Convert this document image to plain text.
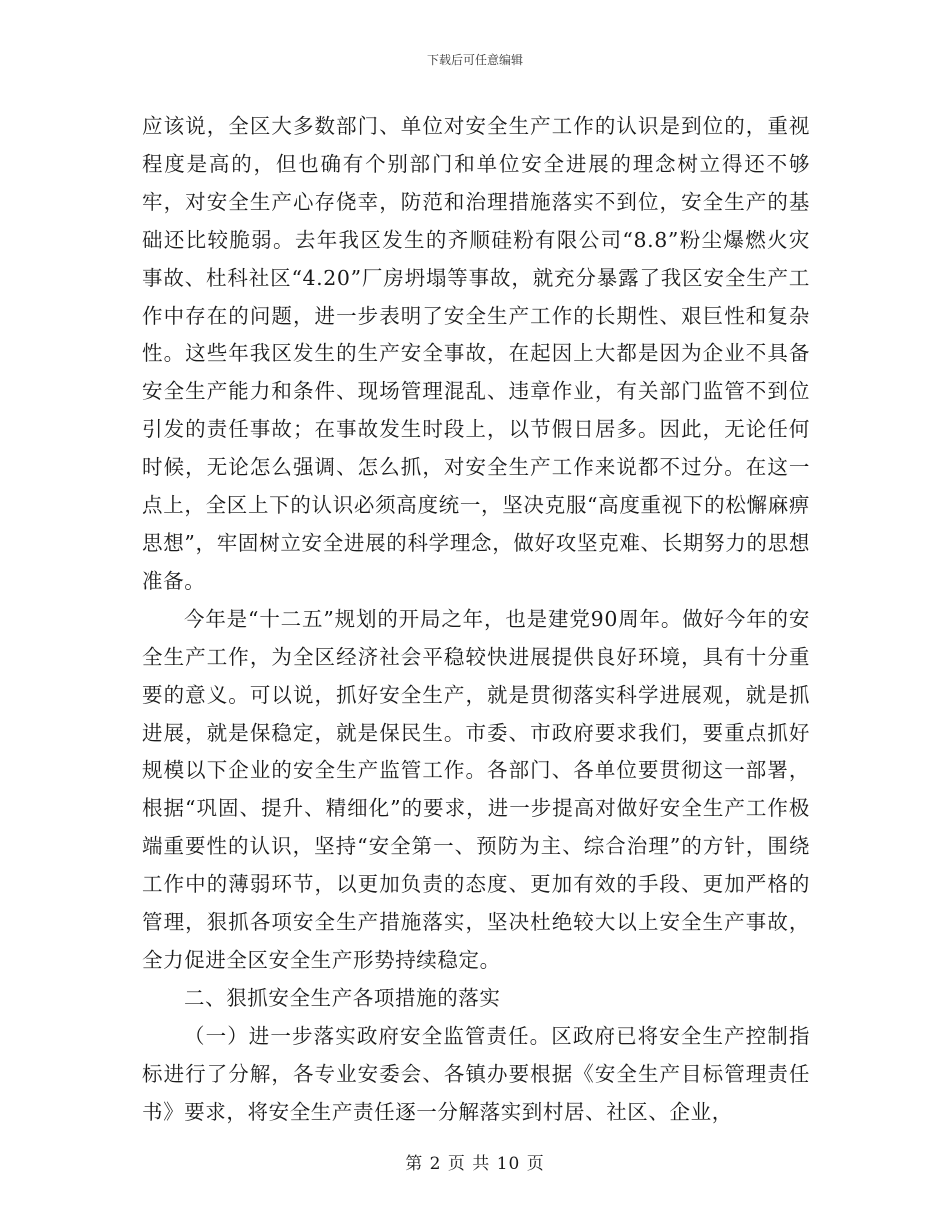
下载后可任意编辑

应该说，全区大多数部门、单位对安全生产工作的认识是到位的，重视程度是高的，但也确有个别部门和单位安全进展的理念树立得还不够牢，对安全生产心存侥幸，防范和治理措施落实不到位，安全生产的基础还比较脆弱。去年我区发生的齐顺硅粉有限公司“8.8”粉尘爆燃火灾事故、杜科社区“4.20”厂房坍塌等事故，就充分暴露了我区安全生产工作中存在的问题，进一步表明了安全生产工作的长期性、艰巨性和复杂性。这些年我区发生的生产安全事故，在起因上大都是因为企业不具备安全生产能力和条件、现场管理混乱、违章作业，有关部门监管不到位引发的责任事故；在事故发生时段上，以节假日居多。因此，无论任何时候，无论怎么强调、怎么抓，对安全生产工作来说都不过分。在这一点上，全区上下的认识必须高度统一，坚决克服“高度重视下的松懈麻痹思想”，牢固树立安全进展的科学理念，做好攻坚克难、长期努力的思想准备。

今年是“十二五”规划的开局之年，也是建党90周年。做好今年的安全生产工作，为全区经济社会平稳较快进展提供良好环境，具有十分重要的意义。可以说，抓好安全生产，就是贯彻落实科学进展观，就是抓进展，就是保稳定，就是保民生。市委、市政府要求我们，要重点抓好规模以下企业的安全生产监管工作。各部门、各单位要贯彻这一部署，根据“巩固、提升、精细化”的要求，进一步提高对做好安全生产工作极端重要性的认识，坚持“安全第一、预防为主、综合治理”的方针，围绕工作中的薄弱环节，以更加负责的态度、更加有效的手段、更加严格的管理，狠抓各项安全生产措施落实，坚决杜绝较大以上安全生产事故，全力促进全区安全生产形势持续稳定。

二、狠抓安全生产各项措施的落实

（一）进一步落实政府安全监管责任。区政府已将安全生产控制指标进行了分解，各专业安委会、各镇办要根据《安全生产目标管理责任书》要求，将安全生产责任逐一分解落实到村居、社区、企业，

第 2 页 共 10 页
